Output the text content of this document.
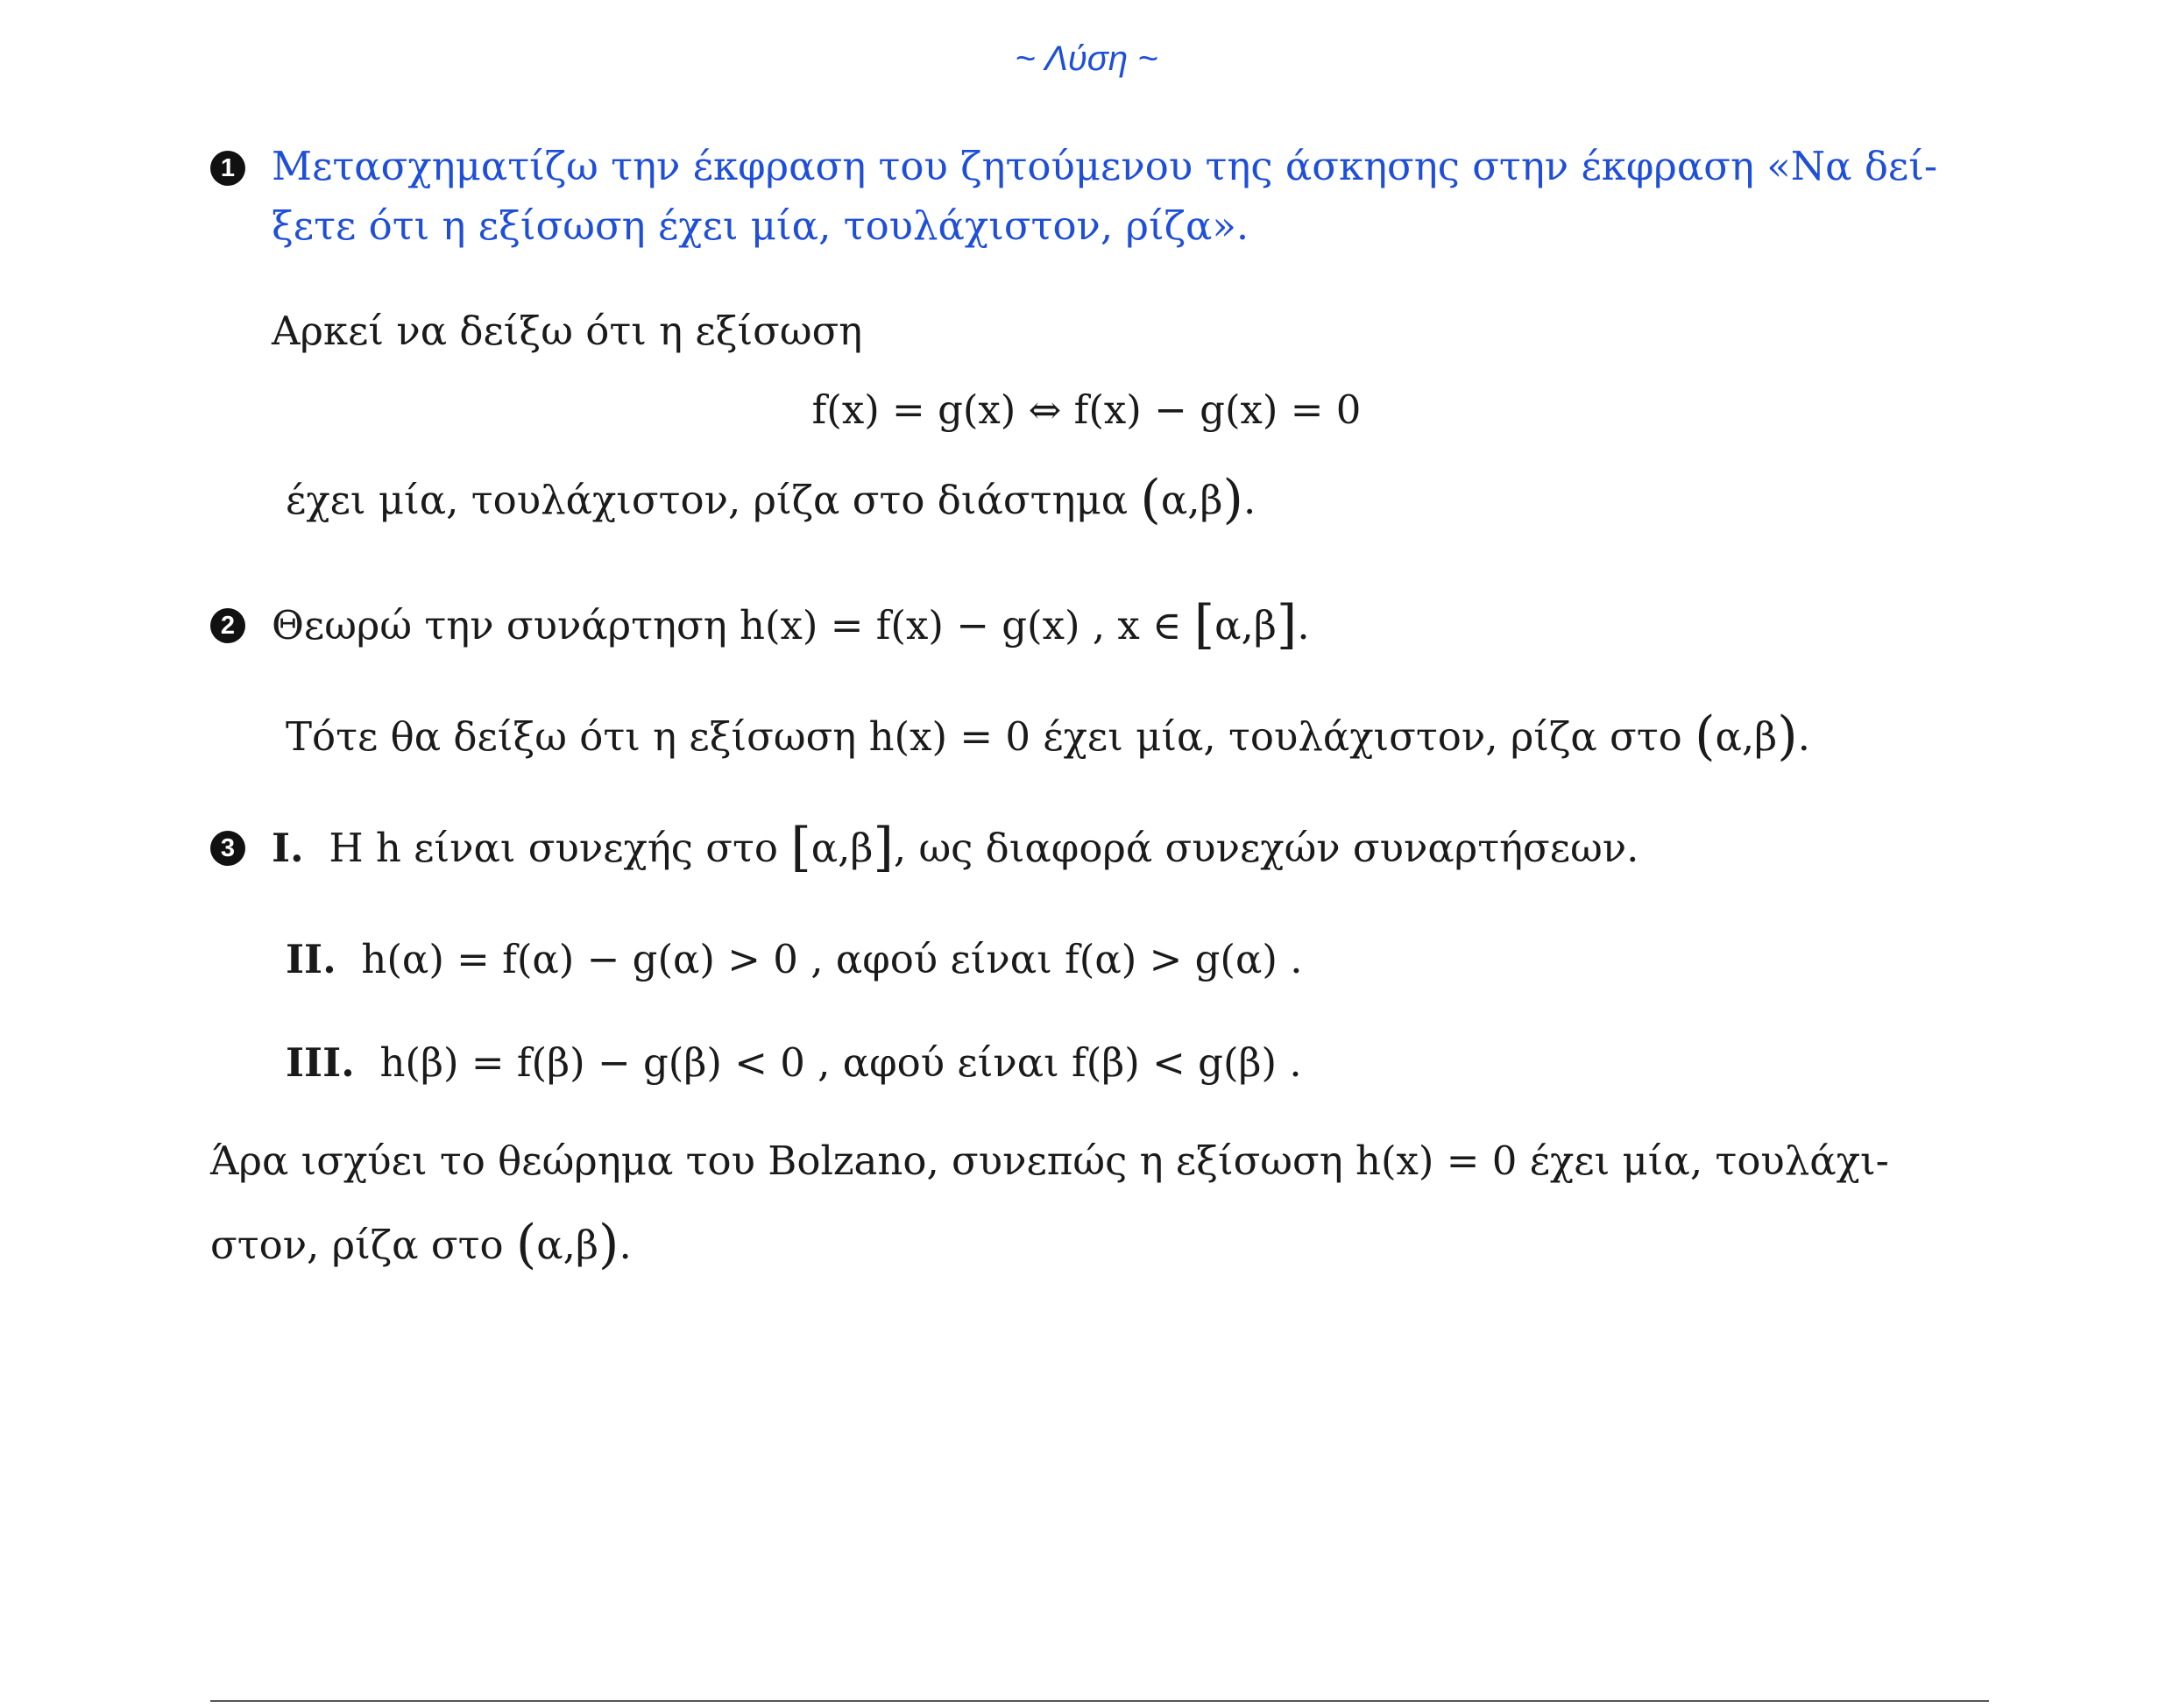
~ Λύση ~
1 Μετασχηματίζω την έκφραση του ζητούμενου της άσκησης στην έκφραση «Να δεί-
ξετε ότι η εξίσωση έχει μία, τουλάχιστον, ρίζα».
Αρκεί να δείξω ότι η εξίσωση
f(x) = g(x) ⇔ f(x) − g(x) = 0
έχει μία, τουλάχιστον, ρίζα στο διάστημα (α,β).
2 Θεωρώ την συνάρτηση h(x) = f(x) − g(x) , x ∈ [α,β].
Τότε θα δείξω ότι η εξίσωση h(x) = 0 έχει μία, τουλάχιστον, ρίζα στο (α,β).
3 I. Η h είναι συνεχής στο [α,β], ως διαφορά συνεχών συναρτήσεων.
II. h(α) = f(α) − g(α) > 0 , αφού είναι f(α) > g(α) .
III. h(β) = f(β) − g(β) < 0 , αφού είναι f(β) < g(β) .
Άρα ισχύει το θεώρημα του Bolzano, συνεπώς η εξίσωση h(x) = 0 έχει μία, τουλάχι-
στον, ρίζα στο (α,β).
